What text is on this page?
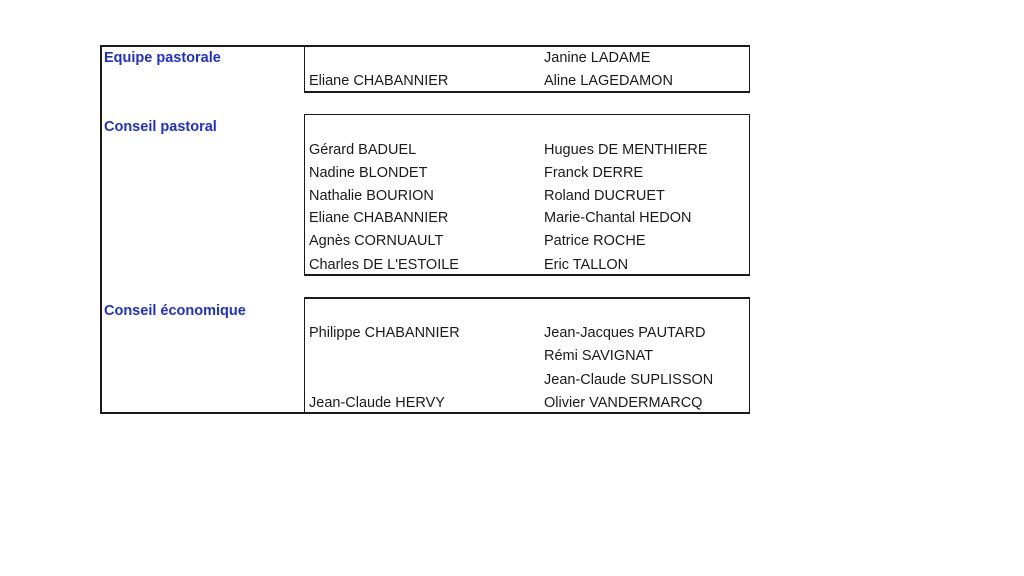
Equipe pastorale
Eliane CHABANNIER
Janine LADAME
Aline LAGEDAMON
Conseil pastoral
Gérard BADUEL
Nadine BLONDET
Nathalie BOURION
Eliane CHABANNIER
Agnès CORNUAULT
Charles DE L'ESTOILE
Hugues DE MENTHIERE
Franck DERRE
Roland DUCRUET
Marie-Chantal HEDON
Patrice ROCHE
Eric TALLON
Conseil économique
Philippe CHABANNIER
Jean-Claude HERVY
Jean-Jacques PAUTARD
Rémi SAVIGNAT
Jean-Claude SUPLISSON
Olivier VANDERMARCQ
